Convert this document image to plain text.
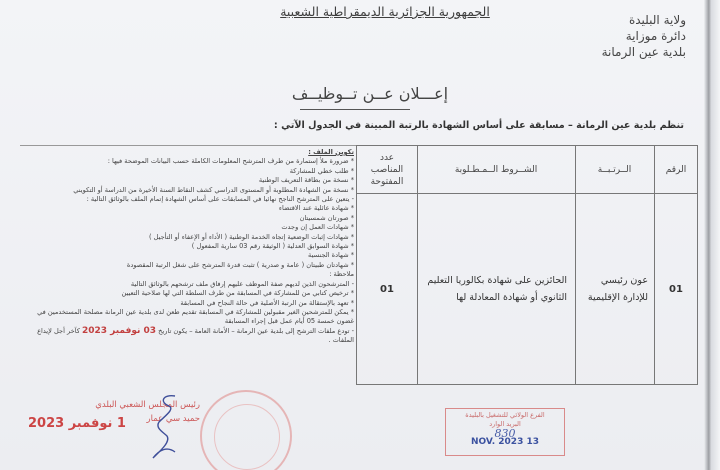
الجمهورية الجزائرية الديمقراطية الشعبية
ولاية البليدة
دائرة موزاية
بلدية عين الرمانة
إعـــلان عــن تــوظيــف
تنظم بلدية عين الرمانة – مسابقة على أساس الشهادة بالرتبة المبينة في الجدول الآتي :
الرقم
الــرتـبــة
الشــروط الــمـطـلوبة
عدد المناصب المفتوحة
01
عون رئيسي للإدارة الإقليمية
الحائزين على شهادة بكالوريا التعليم الثانوي أو شهادة المعادلة لها
01
تكوين الملف :
* ضرورة ملأ إستمارة من طرف المترشح المعلومات الكاملة حسب البيانات الموضحة فيها :
* طلب خطي للمشاركة
* نسخة من بطاقة التعريف الوطنية
* نسخة من الشهادة المطلوبة أو المستوى الدراسي كشف النقاط السنة الأخيرة من الدراسة أو التكويني
- يتعين على المترشح الناجح نهائيا في المسابقات على أساس الشهادة إتمام الملف بالوثائق التالية :
* شهادة عائلية عند الاقتضاء
* صورتان شمسيتان
* شهادات العمل إن وجدت
* شهادات إثبات الوضعية إتجاه الخدمة الوطنية ( الأداء أو الإعفاء أو التأجيل )
* شهادة السوابق العدلية ( الوثيقة رقم 03 سارية المفعول )
* شهادة الجنسية
* شهادتان طبيتان ( عامة و صدرية ) تثبت قدرة المترشح على شغل الرتبة المقصودة
ملاحظة :
- المترشحون الذين لديهم صفة الموظف عليهم إرفاق ملف ترشحهم بالوثائق التالية
* ترخيص كتابي من للمشاركة في المسابقة من طرف السلطة التي لها صلاحية التعيين
* تعهد بالإستقالة من الرتبة الأصلية في حالة النجاح في المسابقة
* يمكن للمترشحين الغير مقبولين للمشاركة في المسابقة تقديم طعن لدى بلدية عين الرمانة مصلحة المستخدمين في غضون خمسة 05 أيام عمل قبل إجراء المسابقة
- تودع ملفات الترشح إلى بلدية عين الرمانة – الأمانة العامة – يكون تاريخ 03 نوفمبر 2023 كآخر أجل لإيداع الملفات .
رئيس المجلس الشعبي البلدي
حميد سي عمار
1 نوفمبر 2023
الفرع الولائي للتشغيل بالبليدة
البريد الوارد
830
13 NOV. 2023
